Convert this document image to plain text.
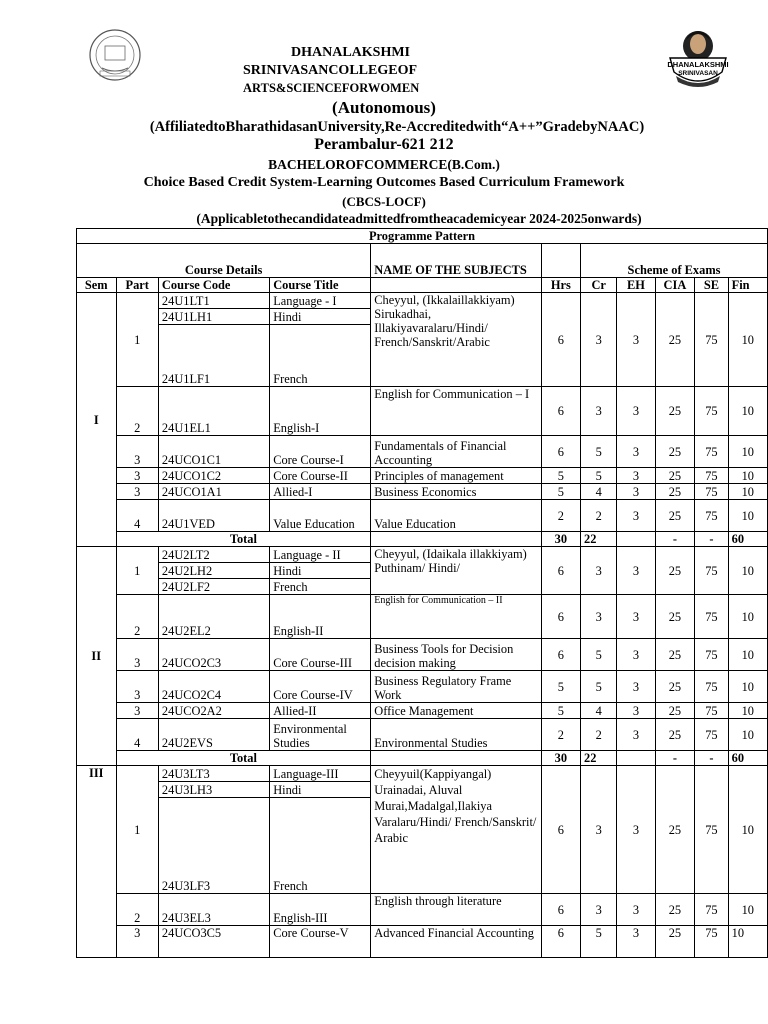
DHANALAKSHMI
SRINIVASAN
DHANALAKSHMI
SRINIVASANCOLLEGEOF
ARTS&SCIENCEFORWOMEN
(Autonomous)
(AffiliatedtoBharathidasanUniversity,Re-Accreditedwith“A++”GradebyNAAC)
Perambalur-621 212
BACHELOROFCOMMERCE(B.Com.)
Choice Based Credit System-Learning Outcomes Based Curriculum Framework
(CBCS-LOCF)
(Applicabletothecandidateadmittedfromtheacademicyear 2024-2025onwards)
Programme Pattern										
Course Details				NAME OF THE SUBJECTS		Scheme of Exams				
Sem	Part	Course Code	Course Title		Hrs	Cr	EH	CIA	SE	Fin
I	1	24U1LT1	Language - I	Cheyyul, (Ikkalaillakkiyam) Sirukadhai, Illakiyavaralaru/Hindi/ French/Sanskrit/Arabic	6	3	3	25	75	10
		24U1LH1	Hindi							
		24U1LF1	French							
	2	24U1EL1	English-I	English for Communication – I	6	3	3	25	75	10
	3	24UCO1C1	Core Course-I	Fundamentals of Financial Accounting	6	5	3	25	75	10
	3	24UCO1C2	Core Course-II	Principles of management	5	5	3	25	75	10
	3	24UCO1A1	Allied-I	Business Economics	5	4	3	25	75	10
	4	24U1VED	Value Education	Value Education	2	2	3	25	75	10
	Total				30	22		-	-	60
II	1	24U2LT2	Language - II	Cheyyul, (Idaikala illakkiyam) Puthinam/ Hindi/	6	3	3	25	75	10
		24U2LH2	Hindi							
		24U2LF2	French							
	2	24U2EL2	English-II	English for Communication – II	6	3	3	25	75	10
	3	24UCO2C3	Core Course-III	Business Tools for Decision decision making	6	5	3	25	75	10
	3	24UCO2C4	Core Course-IV	Business Regulatory Frame Work	5	5	3	25	75	10
	3	24UCO2A2	Allied-II	Office Management	5	4	3	25	75	10
	4	24U2EVS	Environmental Studies	Environmental Studies	2	2	3	25	75	10
	Total				30	22		-	-	60
III	1	24U3LT3	Language-III	Cheyyuil(Kappiyangal) Urainadai, Aluval Murai,Madalgal,Ilakiya Varalaru/Hindi/ French/Sanskrit/ Arabic	6	3	3	25	75	10
		24U3LH3	Hindi							
		24U3LF3	French							
	2	24U3EL3	English-III	English through literature	6	3	3	25	75	10
	3	24UCO3C5	Core Course-V	Advanced Financial Accounting	6	5	3	25	75	10
